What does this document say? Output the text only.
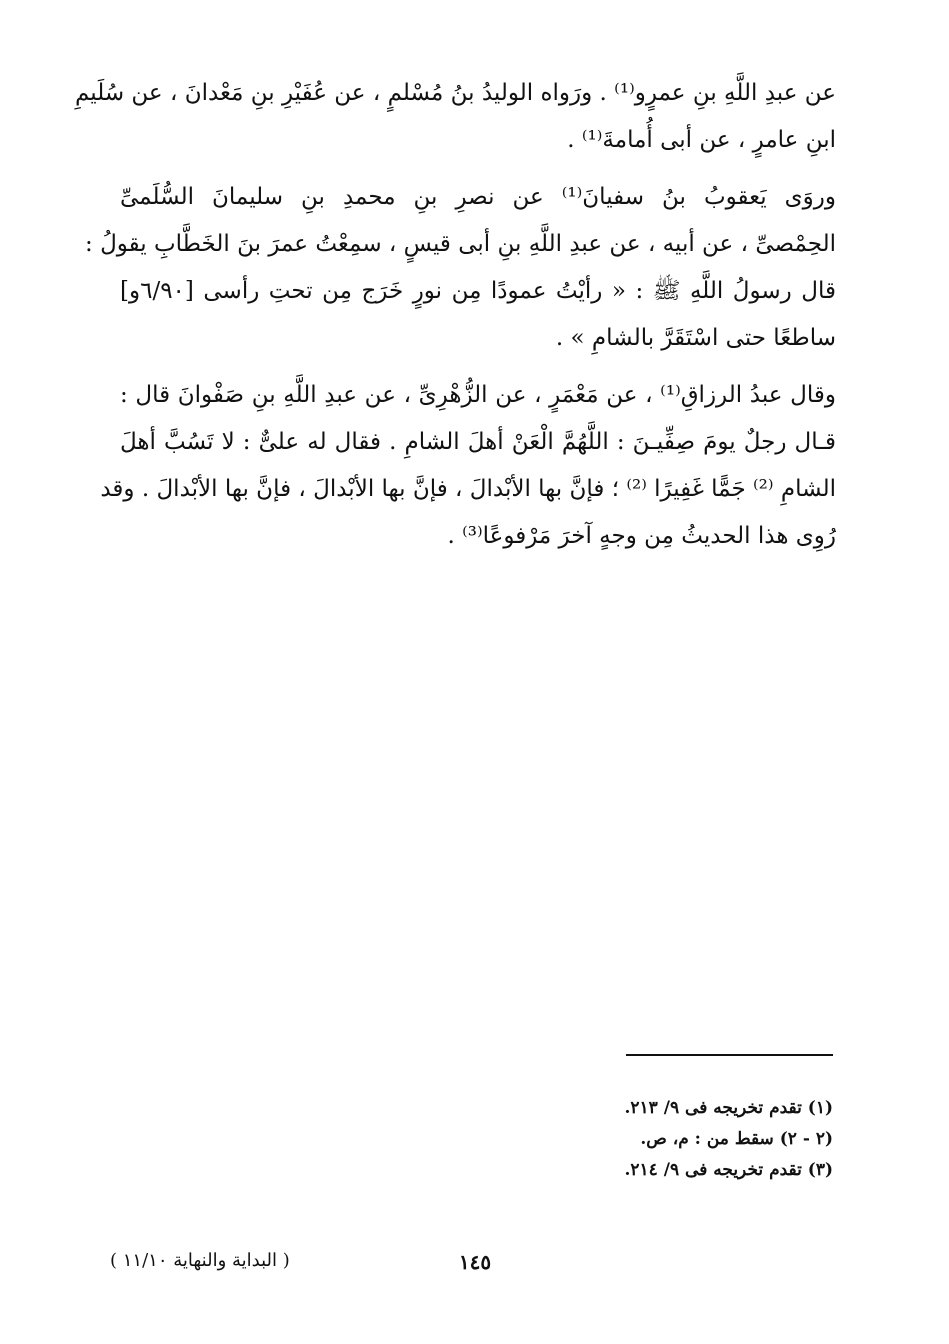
عن عبدِ اللَّهِ بنِ عمرٍو⁽¹⁾ . ورَواه الوليدُ بنُ مُسْلمٍ ، عن عُفَيْرِ بنِ مَعْدانَ ، عن سُلَيمِ
ابنِ عامرٍ ، عن أبى أُمامةَ⁽¹⁾ .

وروَى يَعقوبُ بنُ سفيانَ⁽¹⁾ عن نصرِ بنِ محمدِ بنِ سليمانَ السُّلَمىِّ
الحِمْصىِّ ، عن أبيه ، عن عبدِ اللَّهِ بنِ أبى قيسٍ ، سمِعْتُ عمرَ بنَ الخَطَّابِ يقولُ :
قال رسولُ اللَّهِ ﷺ : « رأيْتُ عمودًا مِن نورٍ خَرَج مِن تحتِ رأسى [٦/٩٠و]
ساطعًا حتى اسْتَقَرَّ بالشامِ » .

وقال عبدُ الرزاقِ⁽¹⁾ ، عن مَعْمَرٍ ، عن الزُّهْرِىِّ ، عن عبدِ اللَّهِ بنِ صَفْوانَ قال :
قـال رجلٌ يومَ صِفِّيـنَ : اللَّهُمَّ الْعَنْ أهلَ الشامِ . فقال له علىٌّ : لا تَسُبَّ أهلَ
الشامِ ⁽²⁾ جَمًّا غَفِيرًا ⁽²⁾ ؛ فإنَّ بها الأبْدالَ ، فإنَّ بها الأبْدالَ ، فإنَّ بها الأبْدالَ . وقد
رُوِى هذا الحديثُ مِن وجهٍ آخرَ مَرْفوعًا⁽³⁾ .

(١) تقدم تخريجه فى ٩/ ٢١٣.
(٢ - ٢) سقط من : م، ص.
(٣) تقدم تخريجه فى ٩/ ٢١٤.
١٤٥
( البداية والنهاية ١١/١٠ )
